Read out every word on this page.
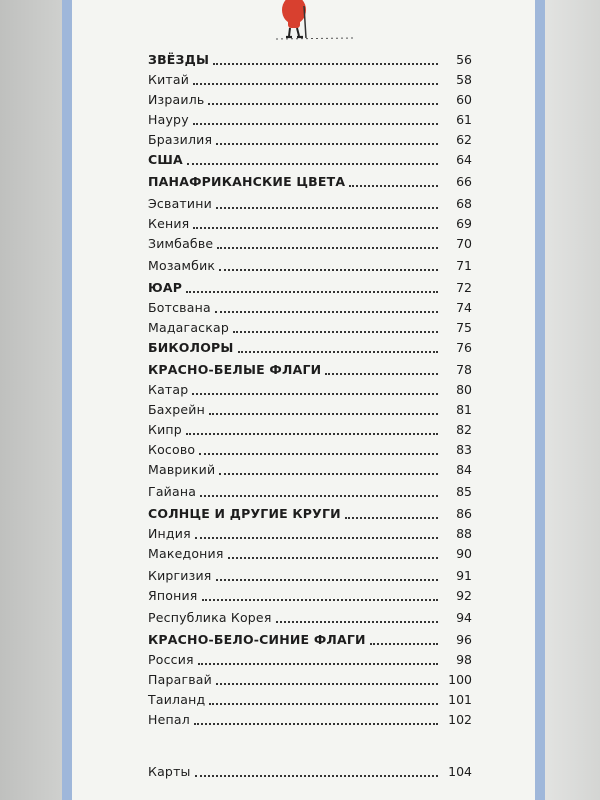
ЗВЁЗДЫ	56
Китай	58
Израиль	60
Науру	61
Бразилия	62
США	64
ПАНАФРИКАНСКИЕ ЦВЕТА	66
Эсватини	68
Кения	69
Зимбабве	70
Мозамбик	71
ЮАР	72
Ботсвана	74
Мадагаскар	75
БИКОЛОРЫ	76
КРАСНО-БЕЛЫЕ ФЛАГИ	78
Катар	80
Бахрейн	81
Кипр	82
Косово	83
Маврикий	84
Гайана	85
СОЛНЦЕ И ДРУГИЕ КРУГИ	86
Индия	88
Македония	90
Киргизия	91
Япония	92
Республика Корея	94
КРАСНО-БЕЛО-СИНИЕ ФЛАГИ	96
Россия	98
Парагвай	100
Таиланд	101
Непал	102
Карты	104
